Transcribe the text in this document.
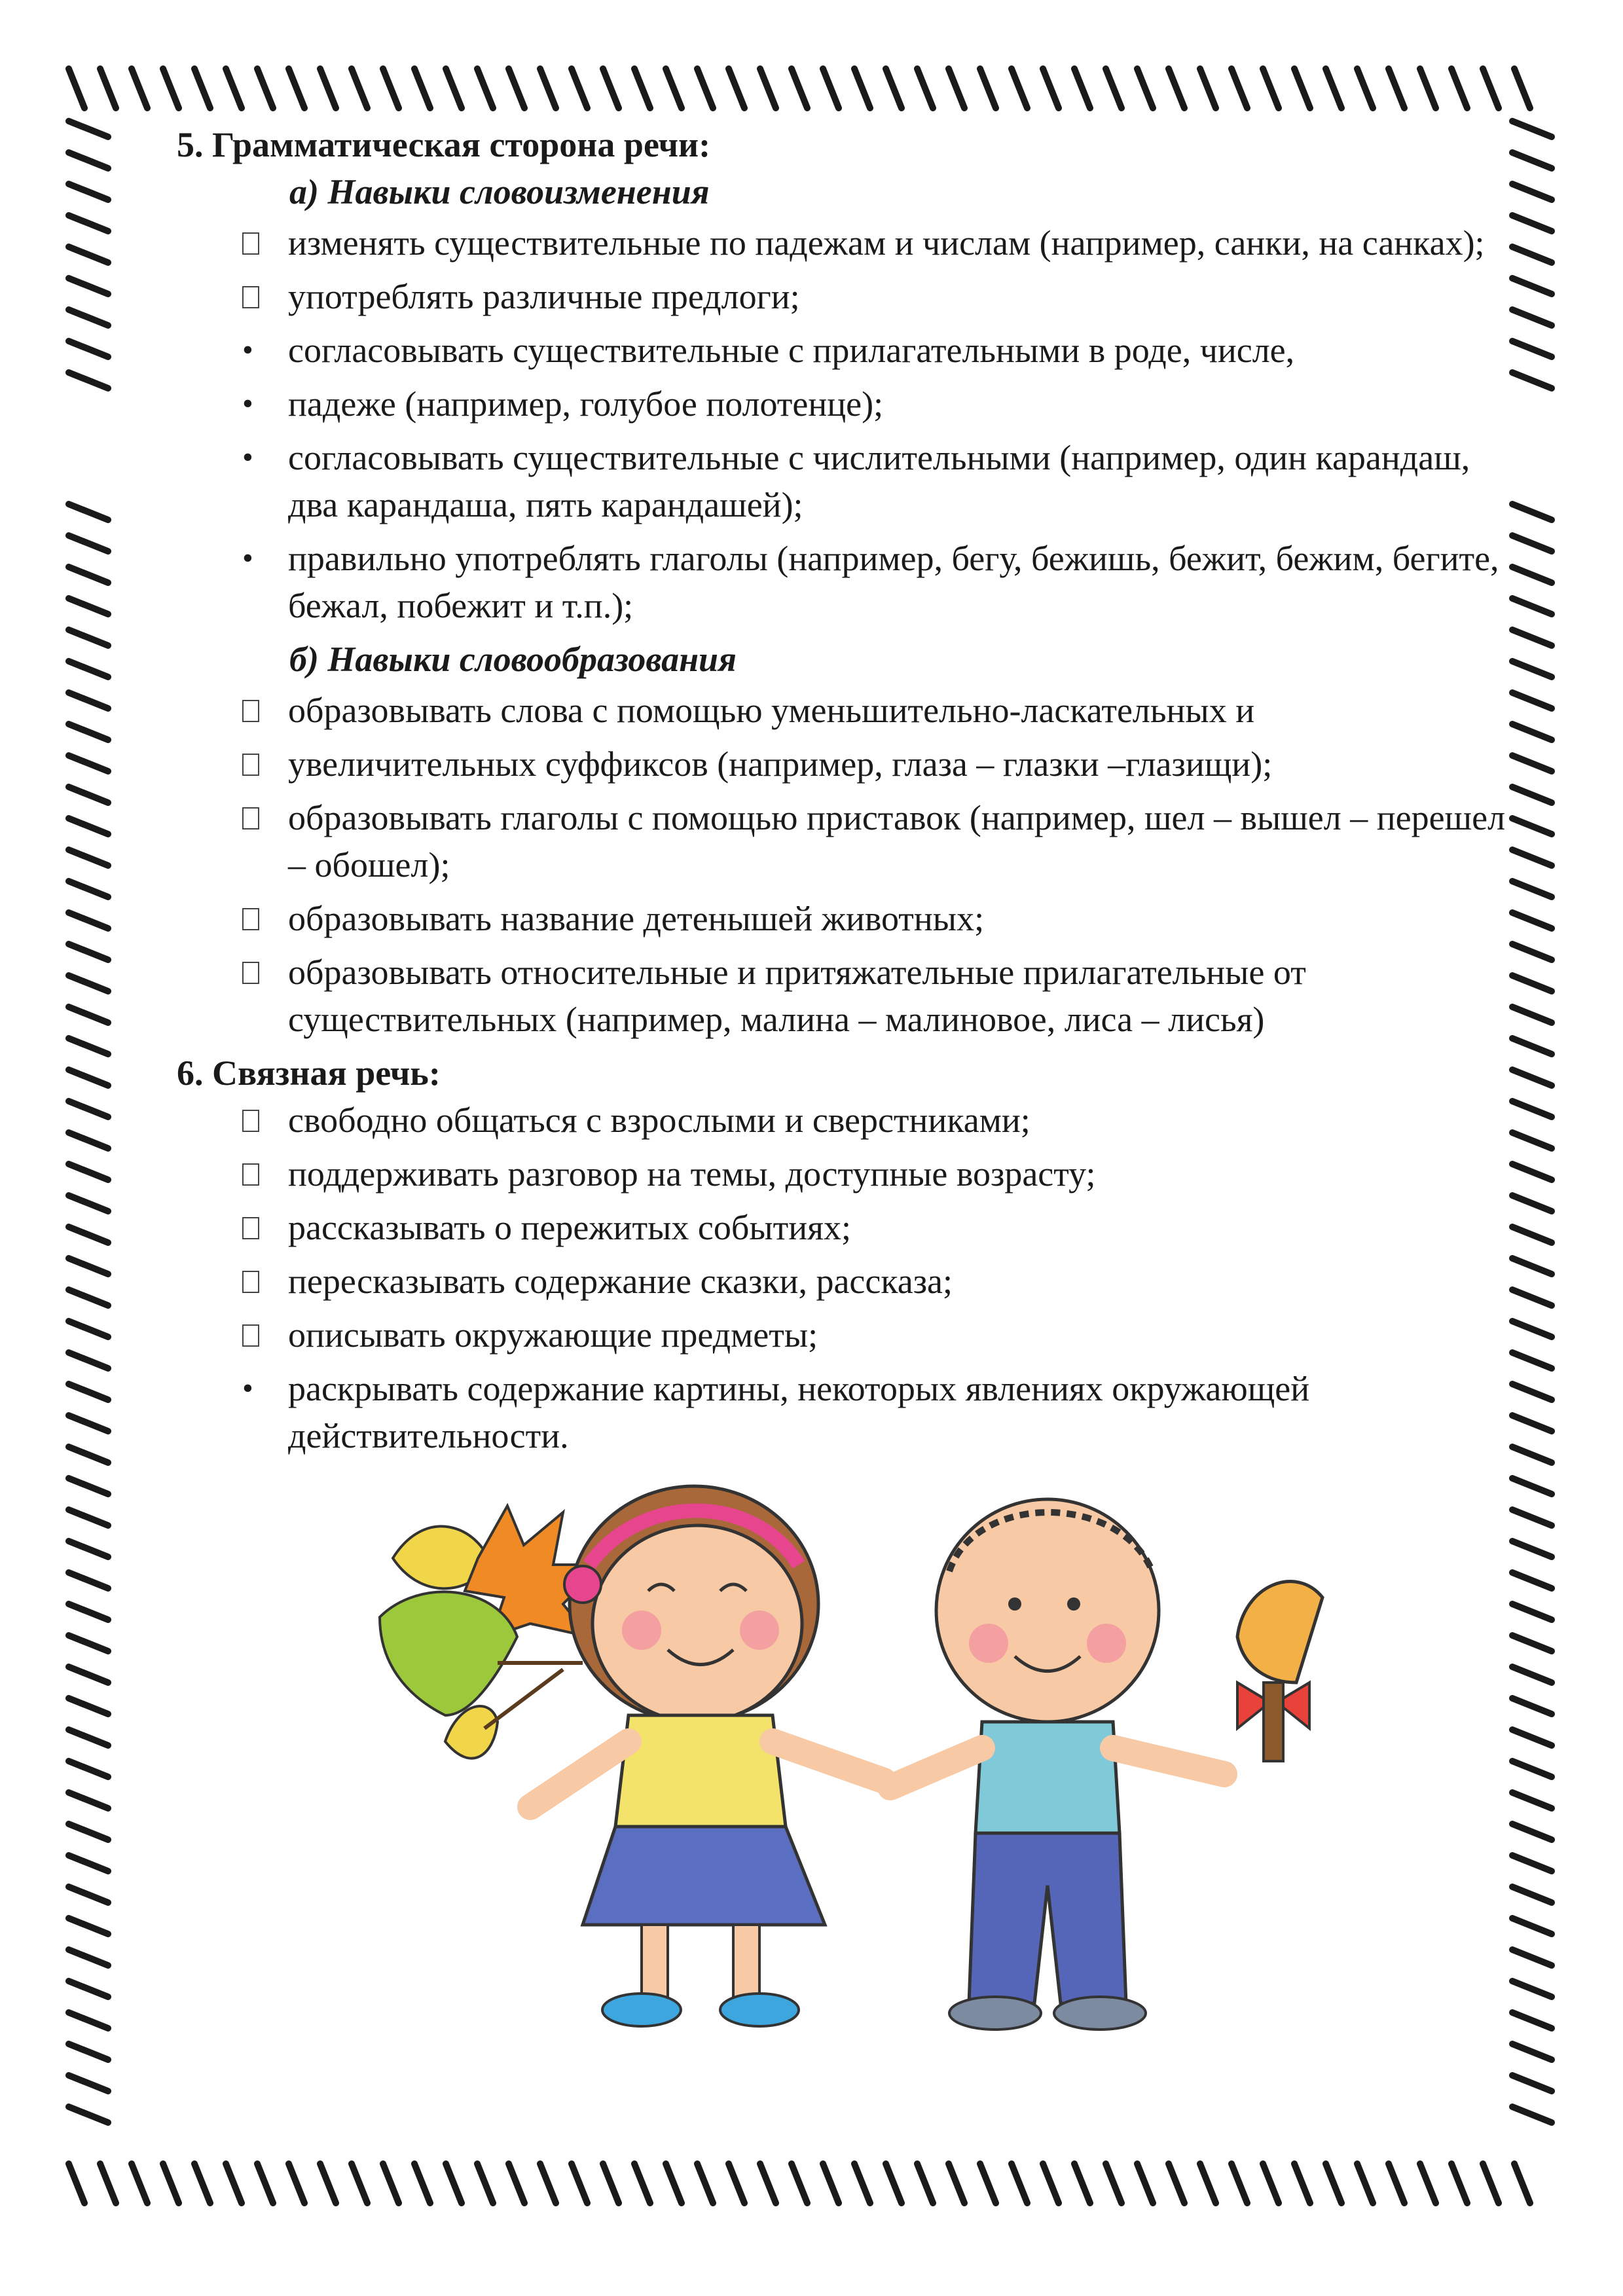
5. Грамматическая сторона речи:

а) Навыки словоизменения

изменять существительные по падежам и числам (например, санки, на санках);
употреблять различные предлоги;
• согласовывать существительные с прилагательными в роде, числе,
• падеже (например, голубое полотенце);
• согласовывать существительные с числительными (например, один карандаш, два карандаша, пять карандашей);
• правильно употреблять глаголы (например, бегу, бежишь, бежит, бежим, бегите, бежал, побежит и т.п.);

б) Навыки словообразования

образовывать слова с помощью уменьшительно-ласкательных и
увеличительных суффиксов (например, глаза – глазки –глазищи);
образовывать глаголы с помощью приставок (например, шел – вышел – перешел – обошел);
образовывать название детенышей животных;
образовывать относительные и притяжательные прилагательные от существительных (например, малина – малиновое, лиса – лисья)

6. Связная речь:

свободно общаться с взрослыми и сверстниками;
поддерживать разговор на темы, доступные возрасту;
рассказывать о пережитых событиях;
пересказывать содержание сказки, рассказа;
описывать окружающие предметы;
• раскрывать содержание картины, некоторых явлениях окружающей действительности.
